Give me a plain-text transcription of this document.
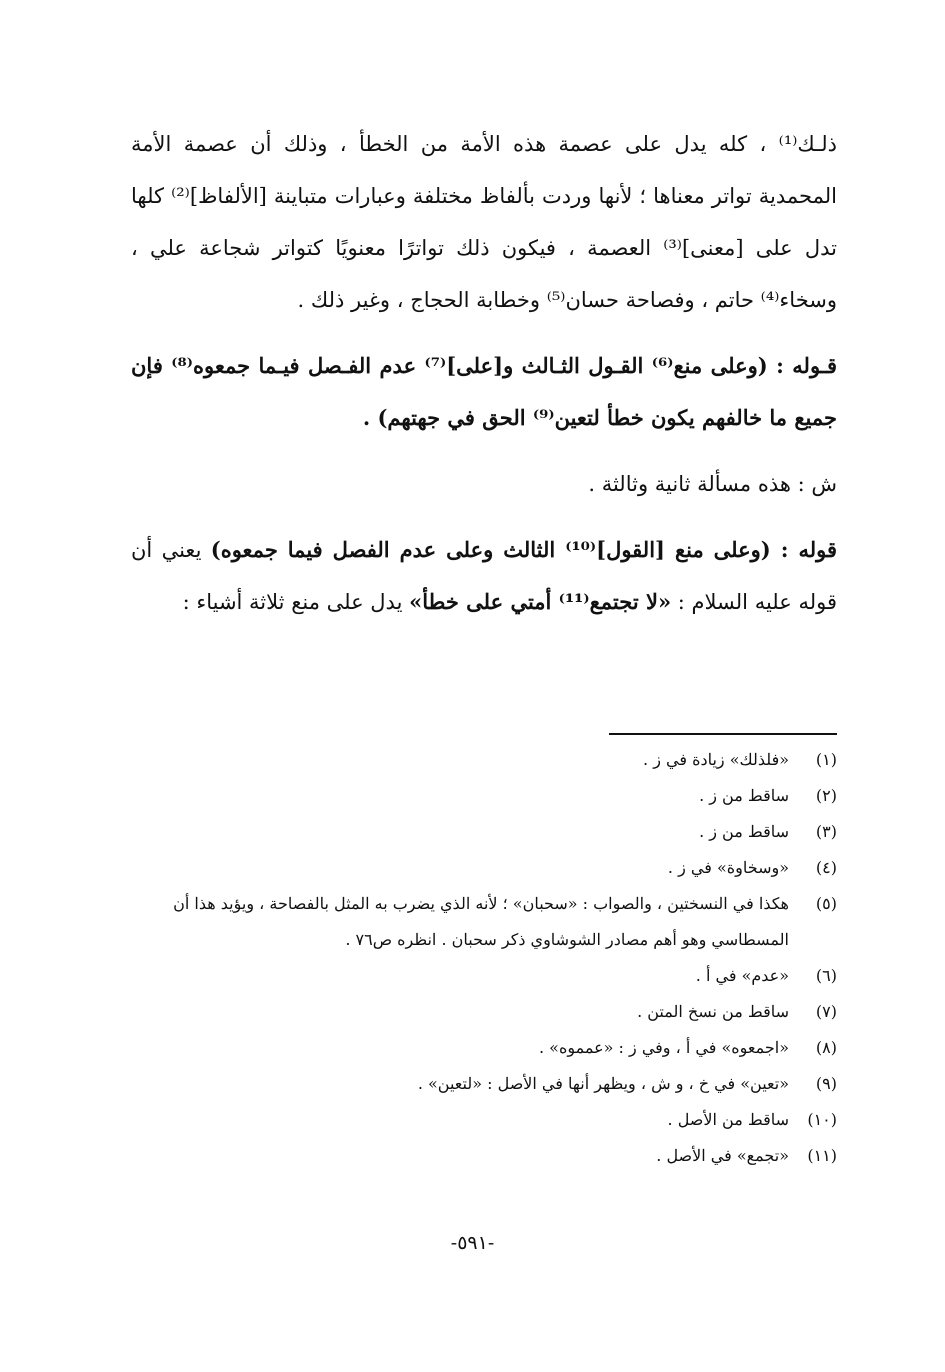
ذلـك⁽¹⁾ ، كله يدل على عصمة هذه الأمة من الخطأ ، وذلك أن عصمة الأمة المحمدية تواتر معناها ؛ لأنها وردت بألفاظ مختلفة وعبارات متباينة [الألفاظ]⁽²⁾ كلها تدل على [معنى]⁽³⁾ العصمة ، فيكون ذلك تواترًا معنويًا كتواتر شجاعة علي ، وسخاء⁽⁴⁾ حاتم ، وفصاحة حسان⁽⁵⁾ وخطابة الحجاج ، وغير ذلك .

قـوله : (وعلى منع⁽⁶⁾ القـول الثـالث و[على]⁽⁷⁾ عدم الفـصل فيـما جمعوه⁽⁸⁾ فإن جميع ما خالفهم يكون خطأ لتعين⁽⁹⁾ الحق في جهتهم) .

ش : هذه مسألة ثانية وثالثة .

قوله : (وعلى منع [القول]⁽¹⁰⁾ الثالث وعلى عدم الفصل فيما جمعوه) يعني أن قوله عليه السلام : «لا تجتمع⁽¹¹⁾ أمتي على خطأ» يدل على منع ثلاثة أشياء :

(١)
«فلذلك» زيادة في ز .
(٢)
ساقط من ز .
(٣)
ساقط من ز .
(٤)
«وسخاوة» في ز .
(٥)
هكذا في النسختين ، والصواب : «سحبان» ؛ لأنه الذي يضرب به المثل بالفصاحة ، ويؤيد هذا أن المسطاسي وهو أهم مصادر الشوشاوي ذكر سحبان . انظره ص٧٦ .
(٦)
«عدم» في أ .
(٧)
ساقط من نسخ المتن .
(٨)
«اجمعوه» في أ ، وفي ز : «عمموه» .
(٩)
«تعين» في خ ، و ش ، ويظهر أنها في الأصل : «لتعين» .
(١٠)
ساقط من الأصل .
(١١)
«تجمع» في الأصل .
-٥٩١-
